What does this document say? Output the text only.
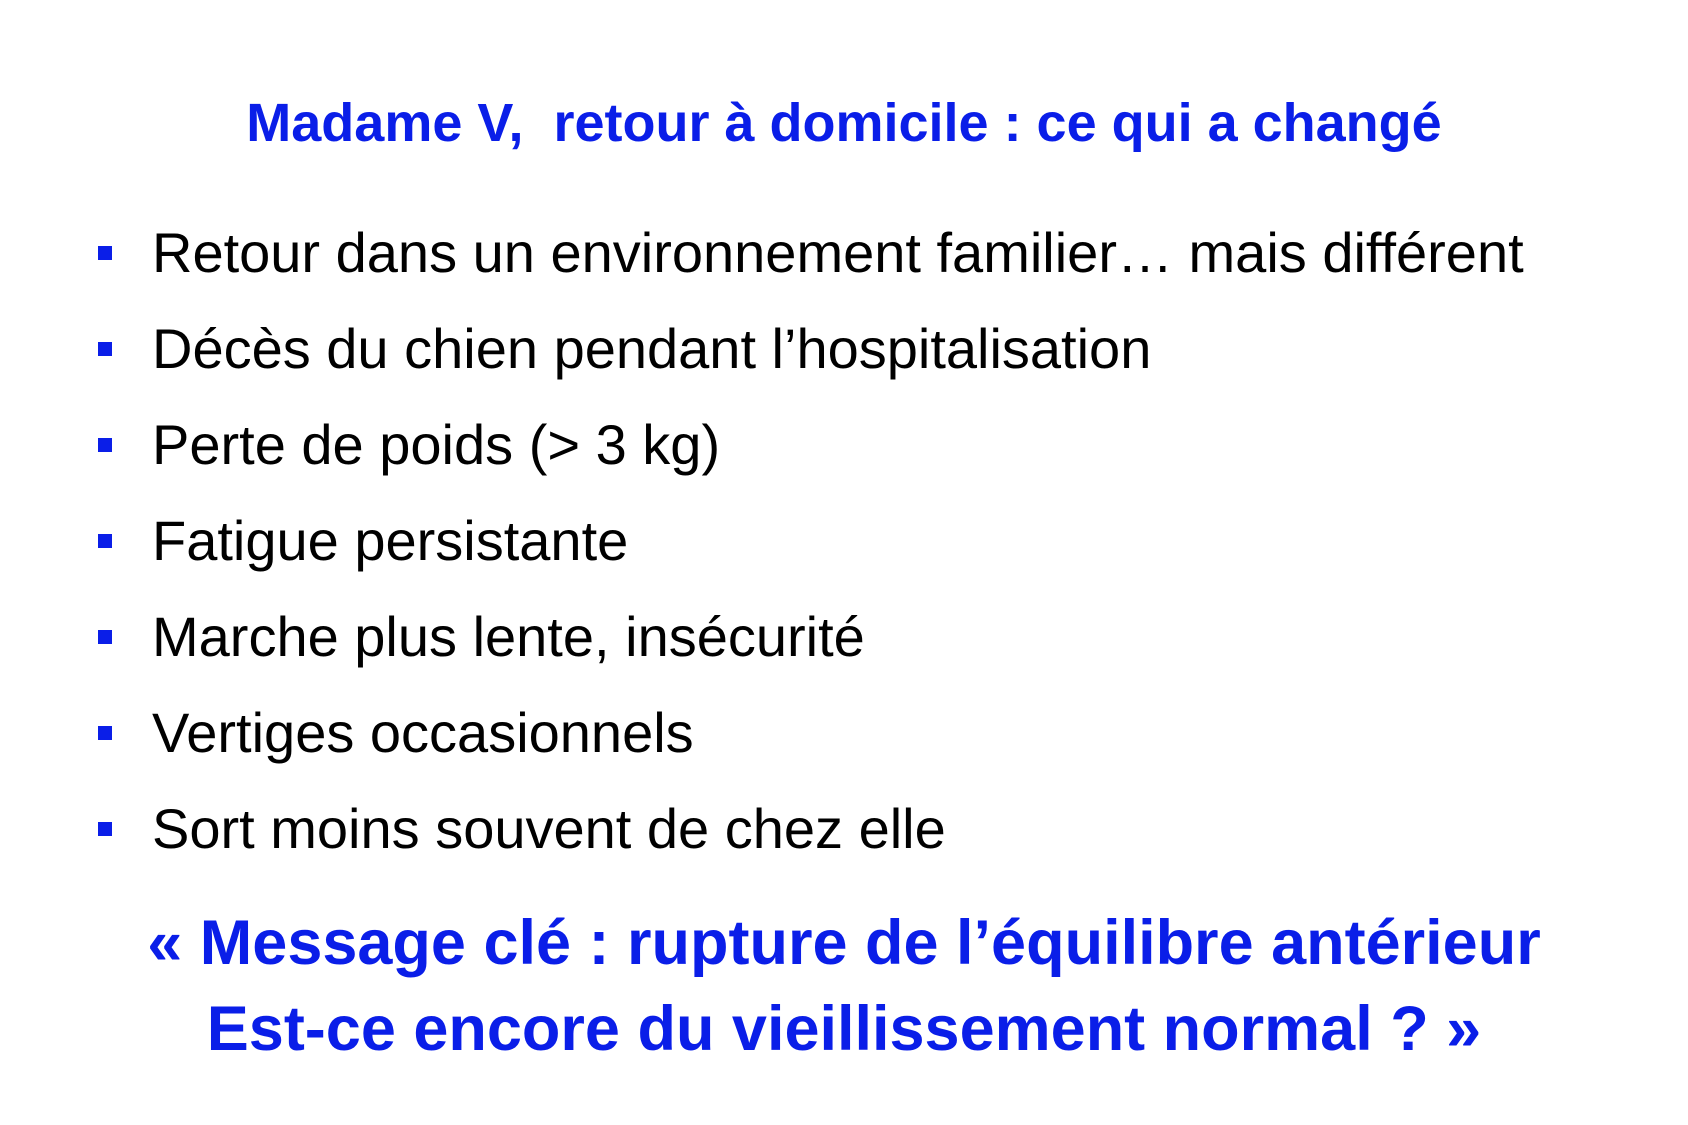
Madame V,  retour à domicile : ce qui a changé
Retour dans un environnement familier… mais différent
Décès du chien pendant l’hospitalisation
Perte de poids (> 3 kg)
Fatigue persistante
Marche plus lente, insécurité
Vertiges occasionnels
Sort moins souvent de chez elle

« Message clé : rupture de l’équilibre antérieur
Est-ce encore du vieillissement normal ? »
